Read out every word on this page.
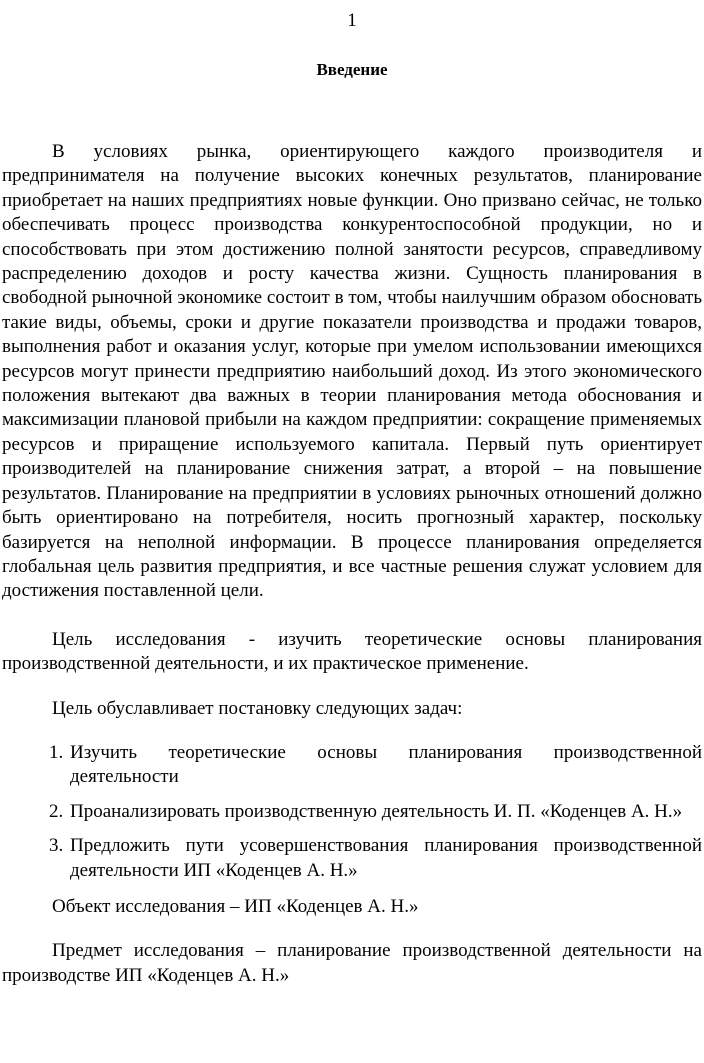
1
Введение

В условиях рынка, ориентирующего каждого производителя и предпринимателя на получение высоких конечных результатов, планирование приобретает на наших предприятиях новые функции. Оно призвано сейчас, не только обеспечивать процесс производства конкурентоспособной продукции, но и способствовать при этом достижению полной занятости ресурсов, справедливому распределению доходов и росту качества жизни. Сущность планирования в свободной рыночной экономике состоит в том, чтобы наилучшим образом обосновать такие виды, объемы, сроки и другие показатели производства и продажи товаров, выполнения работ и оказания услуг, которые при умелом использовании имеющихся ресурсов могут принести предприятию наибольший доход. Из этого экономического положения вытекают два важных в теории планирования метода обоснования и максимизации плановой прибыли на каждом предприятии: сокращение применяемых ресурсов и приращение используемого капитала. Первый путь ориентирует производителей на планирование снижения затрат, а второй – на повышение результатов. Планирование на предприятии в условиях рыночных отношений должно быть ориентировано на потребителя, носить прогнозный характер, поскольку базируется на неполной информации. В процессе планирования определяется глобальная цель развития предприятия, и все частные решения служат условием для достижения поставленной цели.

Цель исследования - изучить теоретические основы планирования производственной деятельности, и их практическое применение.

Цель обуславливает постановку следующих задач:

1. Изучить теоретические основы планирования производственной деятельности
2. Проанализировать производственную деятельность И. П. «Коденцев А. Н.»
3. Предложить пути усовершенствования планирования производственной деятельности ИП «Коденцев А. Н.»

Объект исследования – ИП «Коденцев А. Н.»

Предмет исследования – планирование производственной деятельности на производстве ИП «Коденцев А. Н.»
